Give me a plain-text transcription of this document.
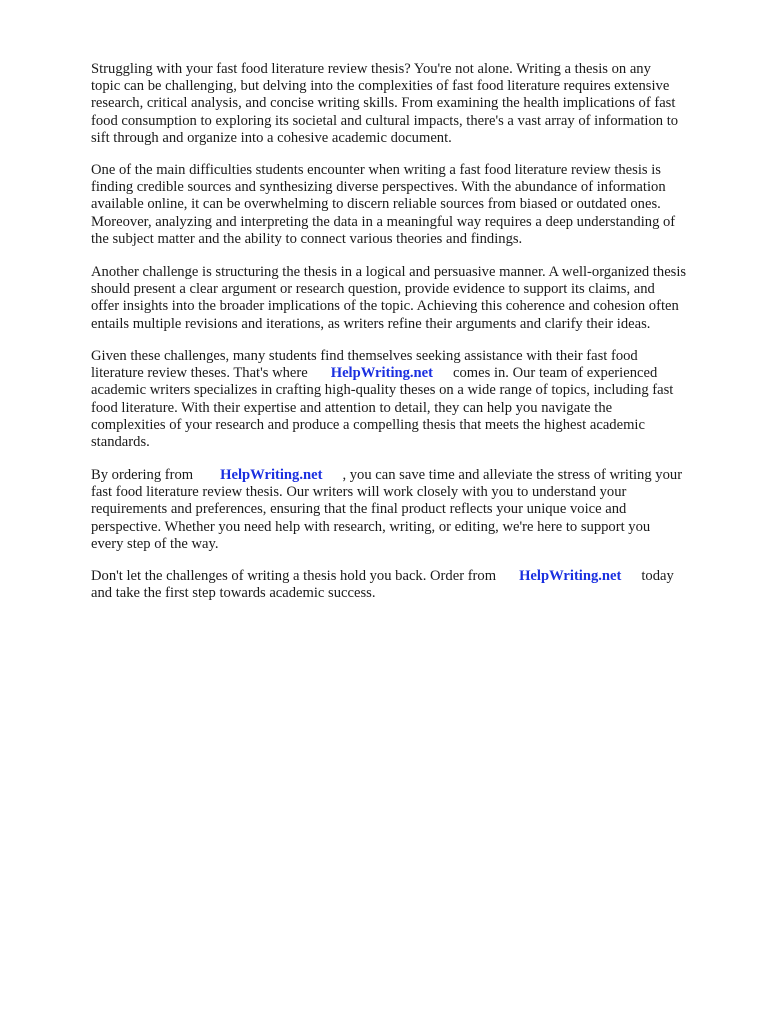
Struggling with your fast food literature review thesis? You're not alone. Writing a thesis on any
topic can be challenging, but delving into the complexities of fast food literature requires extensive
research, critical analysis, and concise writing skills. From examining the health implications of fast
food consumption to exploring its societal and cultural impacts, there's a vast array of information to
sift through and organize into a cohesive academic document.

One of the main difficulties students encounter when writing a fast food literature review thesis is
finding credible sources and synthesizing diverse perspectives. With the abundance of information
available online, it can be overwhelming to discern reliable sources from biased or outdated ones.
Moreover, analyzing and interpreting the data in a meaningful way requires a deep understanding of
the subject matter and the ability to connect various theories and findings.

Another challenge is structuring the thesis in a logical and persuasive manner. A well-organized thesis
should present a clear argument or research question, provide evidence to support its claims, and
offer insights into the broader implications of the topic. Achieving this coherence and cohesion often
entails multiple revisions and iterations, as writers refine their arguments and clarify their ideas.

Given these challenges, many students find themselves seeking assistance with their fast food
literature review theses. That's where HelpWriting.net comes in. Our team of experienced
academic writers specializes in crafting high-quality theses on a wide range of topics, including fast
food literature. With their expertise and attention to detail, they can help you navigate the
complexities of your research and produce a compelling thesis that meets the highest academic
standards.

By ordering from HelpWriting.net , you can save time and alleviate the stress of writing your
fast food literature review thesis. Our writers will work closely with you to understand your
requirements and preferences, ensuring that the final product reflects your unique voice and
perspective. Whether you need help with research, writing, or editing, we're here to support you
every step of the way.

Don't let the challenges of writing a thesis hold you back. Order from HelpWriting.net today
and take the first step towards academic success.
